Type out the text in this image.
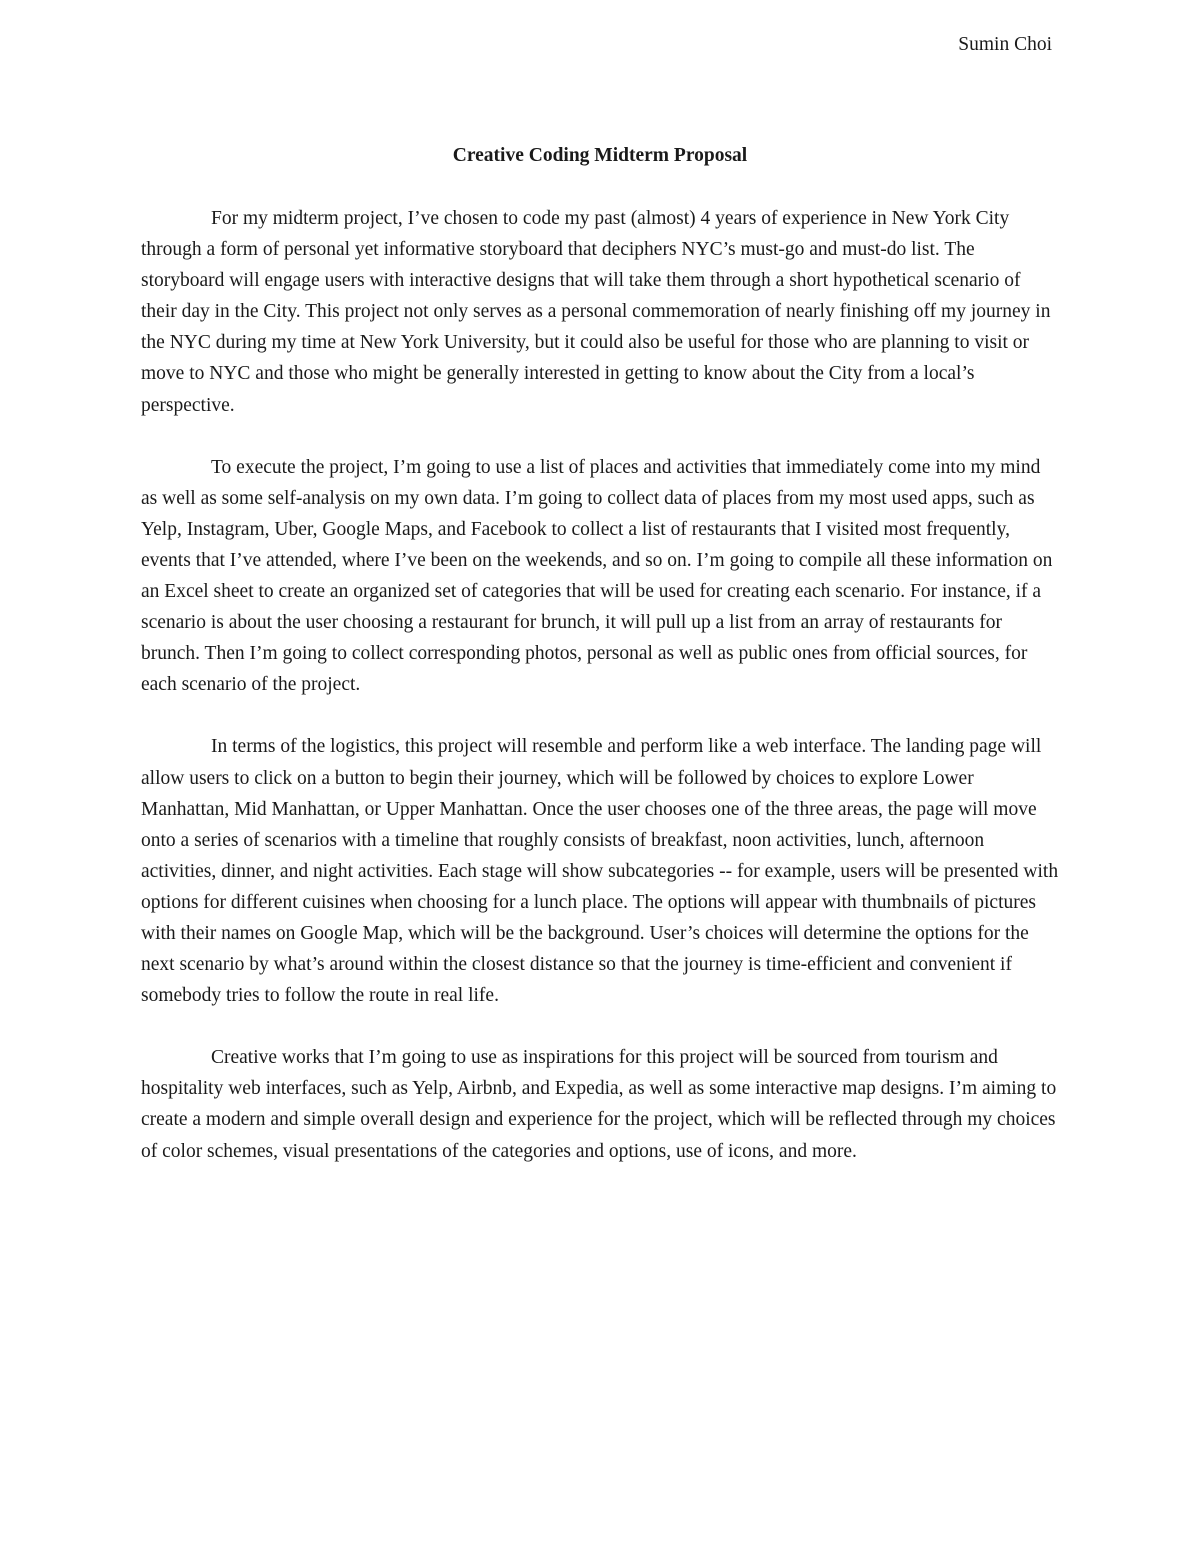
Sumin Choi

Creative Coding Midterm Proposal

For my midterm project, I’ve chosen to code my past (almost) 4 years of experience in New York City through a form of personal yet informative storyboard that deciphers NYC’s must-go and must-do list. The storyboard will engage users with interactive designs that will take them through a short hypothetical scenario of their day in the City. This project not only serves as a personal commemoration of nearly finishing off my journey in the NYC during my time at New York University, but it could also be useful for those who are planning to visit or move to NYC and those who might be generally interested in getting to know about the City from a local’s perspective.

To execute the project, I’m going to use a list of places and activities that immediately come into my mind as well as some self-analysis on my own data. I’m going to collect data of places from my most used apps, such as Yelp, Instagram, Uber, Google Maps, and Facebook to collect a list of restaurants that I visited most frequently, events that I’ve attended, where I’ve been on the weekends, and so on. I’m going to compile all these information on an Excel sheet to create an organized set of categories that will be used for creating each scenario. For instance, if a scenario is about the user choosing a restaurant for brunch, it will pull up a list from an array of restaurants for brunch. Then I’m going to collect corresponding photos, personal as well as public ones from official sources, for each scenario of the project.

In terms of the logistics, this project will resemble and perform like a web interface. The landing page will allow users to click on a button to begin their journey, which will be followed by choices to explore Lower Manhattan, Mid Manhattan, or Upper Manhattan. Once the user chooses one of the three areas, the page will move onto a series of scenarios with a timeline that roughly consists of breakfast, noon activities, lunch, afternoon activities, dinner, and night activities. Each stage will show subcategories -- for example, users will be presented with options for different cuisines when choosing for a lunch place. The options will appear with thumbnails of pictures with their names on Google Map, which will be the background. User’s choices will determine the options for the next scenario by what’s around within the closest distance so that the journey is time-efficient and convenient if somebody tries to follow the route in real life.

Creative works that I’m going to use as inspirations for this project will be sourced from tourism and hospitality web interfaces, such as Yelp, Airbnb, and Expedia, as well as some interactive map designs. I’m aiming to create a modern and simple overall design and experience for the project, which will be reflected through my choices of color schemes, visual presentations of the categories and options, use of icons, and more.
